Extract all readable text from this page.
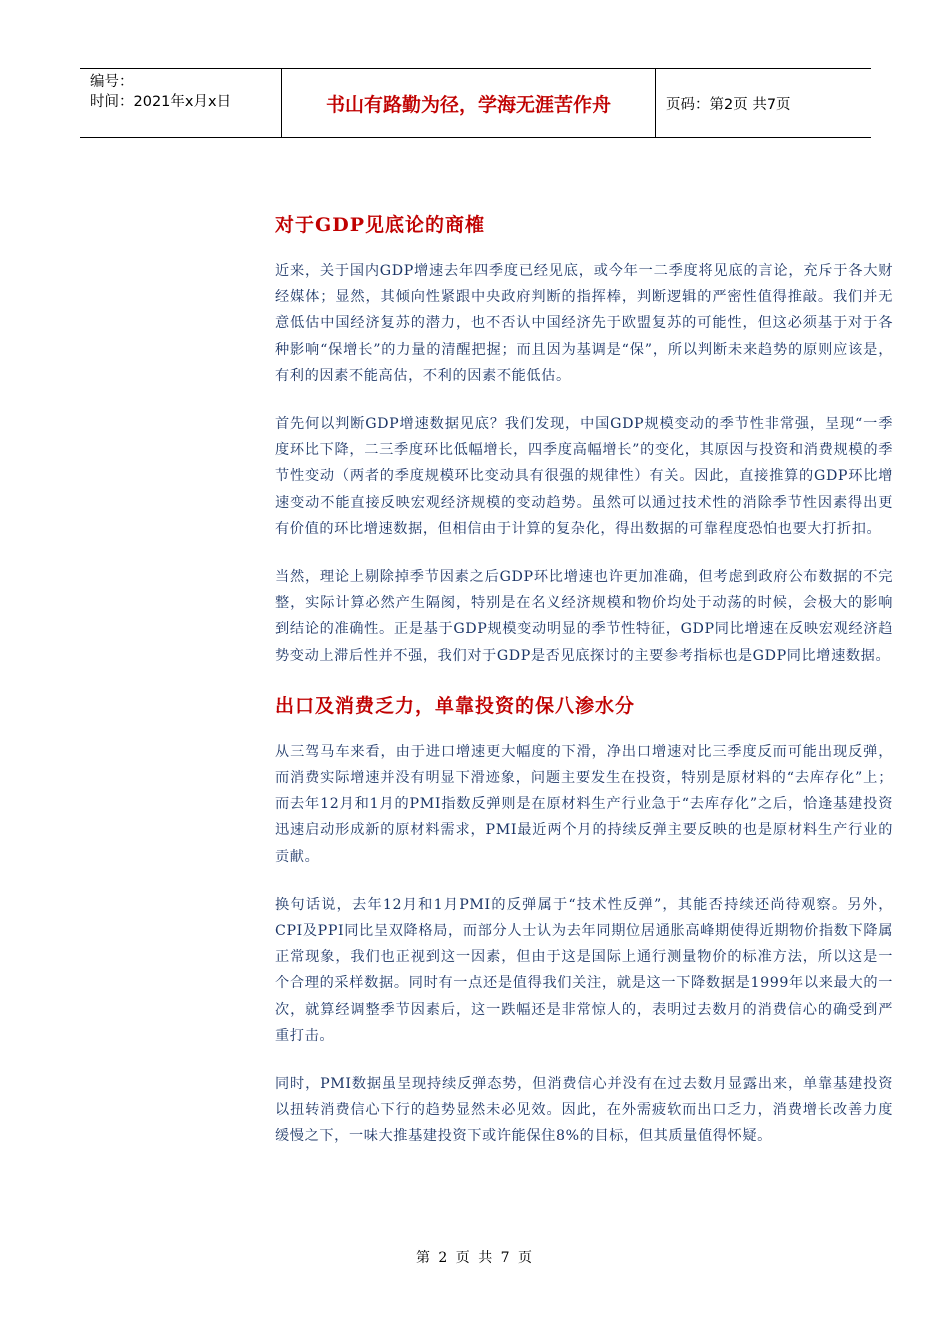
编号：
时间：2021年x月x日	书山有路勤为径，学海无涯苦作舟	页码：第2页 共7页
对于GDP见底论的商榷

近来，关于国内GDP增速去年四季度已经见底，或今年一二季度将见底的言论，充斥于各大财经媒体；显然，其倾向性紧跟中央政府判断的指挥棒，判断逻辑的严密性值得推敲。我们并无意低估中国经济复苏的潜力，也不否认中国经济先于欧盟复苏的可能性，但这必须基于对于各种影响“保增长”的力量的清醒把握；而且因为基调是“保”，所以判断未来趋势的原则应该是，有利的因素不能高估，不利的因素不能低估。

首先何以判断GDP增速数据见底？我们发现，中国GDP规模变动的季节性非常强，呈现“一季度环比下降，二三季度环比低幅增长，四季度高幅增长”的变化，其原因与投资和消费规模的季节性变动（两者的季度规模环比变动具有很强的规律性）有关。因此，直接推算的GDP环比增速变动不能直接反映宏观经济规模的变动趋势。虽然可以通过技术性的消除季节性因素得出更有价值的环比增速数据，但相信由于计算的复杂化，得出数据的可靠程度恐怕也要大打折扣。

当然，理论上剔除掉季节因素之后GDP环比增速也许更加准确，但考虑到政府公布数据的不完整，实际计算必然产生隔阂，特别是在名义经济规模和物价均处于动荡的时候，会极大的影响到结论的准确性。正是基于GDP规模变动明显的季节性特征，GDP同比增速在反映宏观经济趋势变动上滞后性并不强，我们对于GDP是否见底探讨的主要参考指标也是GDP同比增速数据。

出口及消费乏力，单靠投资的保八渗水分

从三驾马车来看，由于进口增速更大幅度的下滑，净出口增速对比三季度反而可能出现反弹，而消费实际增速并没有明显下滑迹象，问题主要发生在投资，特别是原材料的“去库存化”上；而去年12月和1月的PMI指数反弹则是在原材料生产行业急于“去库存化”之后，恰逢基建投资迅速启动形成新的原材料需求，PMI最近两个月的持续反弹主要反映的也是原材料生产行业的贡献。

换句话说，去年12月和1月PMI的反弹属于“技术性反弹”，其能否持续还尚待观察。另外，CPI及PPI同比呈双降格局，而部分人士认为去年同期位居通胀高峰期使得近期物价指数下降属正常现象，我们也正视到这一因素，但由于这是国际上通行测量物价的标准方法，所以这是一个合理的采样数据。同时有一点还是值得我们关注，就是这一下降数据是1999年以来最大的一次，就算经调整季节因素后，这一跌幅还是非常惊人的，表明过去数月的消费信心的确受到严重打击。

同时，PMI数据虽呈现持续反弹态势，但消费信心并没有在过去数月显露出来，单靠基建投资以扭转消费信心下行的趋势显然未必见效。因此，在外需疲软而出口乏力，消费增长改善力度缓慢之下，一味大推基建投资下或许能保住8%的目标，但其质量值得怀疑。

第 2 页 共 7 页
